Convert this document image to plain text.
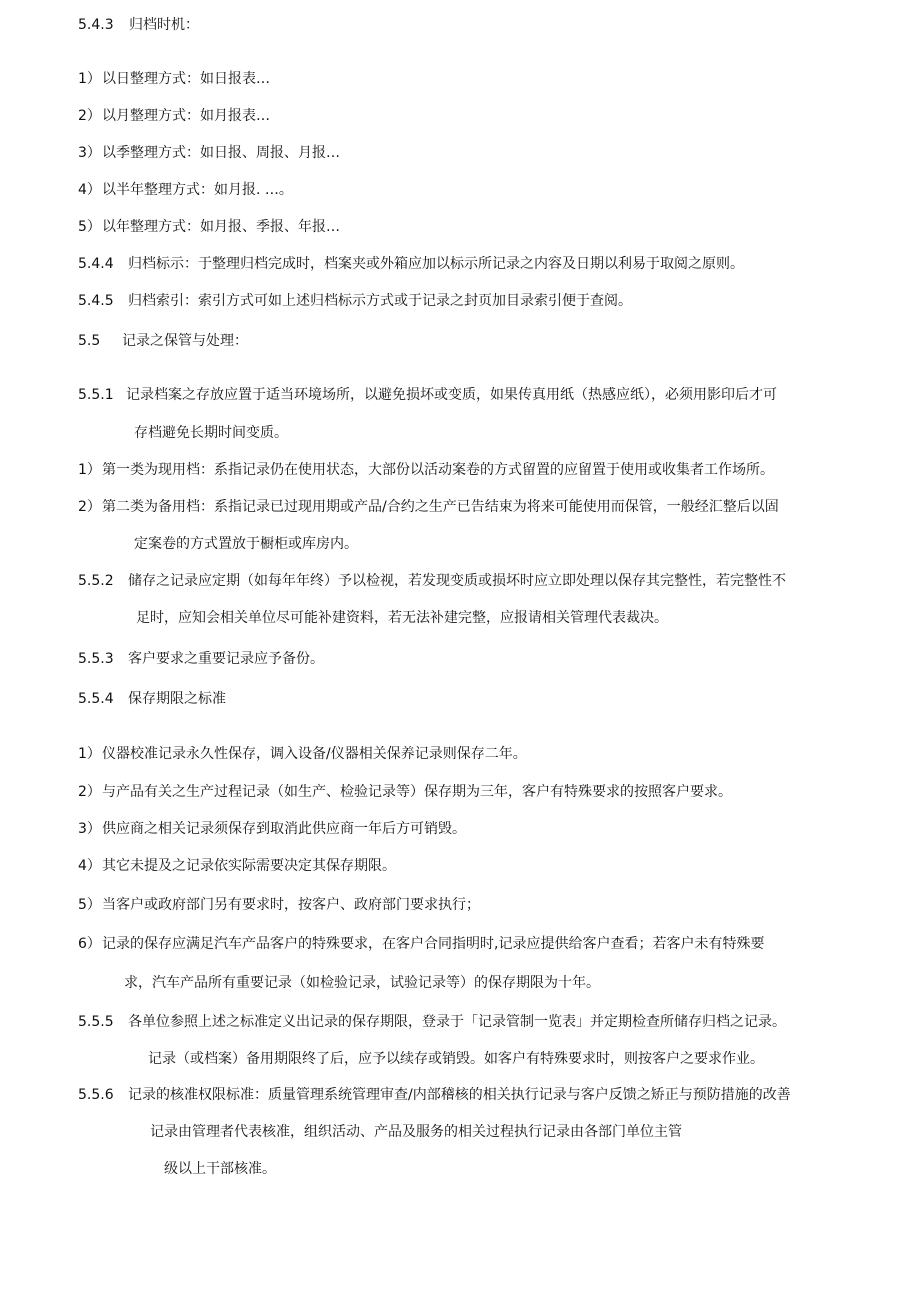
5.4.3 归档时机：
1）以日整理方式：如日报表…
2）以月整理方式：如月报表…
3）以季整理方式：如日报、周报、月报…
4）以半年整理方式：如月报. …。
5）以年整理方式：如月报、季报、年报…
5.4.4 归档标示：于整理归档完成时，档案夹或外箱应加以标示所记录之内容及日期以利易于取阅之原则。
5.4.5 归档索引：索引方式可如上述归档标示方式或于记录之封页加目录索引便于查阅。
5.5 记录之保管与处理：
5.5.1 记录档案之存放应置于适当环境场所，以避免损坏或变质，如果传真用纸（热感应纸），必须用影印后才可
存档避免长期时间变质。
1）第一类为现用档：系指记录仍在使用状态，大部份以活动案卷的方式留置的应留置于使用或收集者工作场所。
2）第二类为备用档：系指记录已过现用期或产品/合约之生产已告结束为将来可能使用而保管，一般经汇整后以固
定案卷的方式置放于橱柜或库房内。
5.5.2 储存之记录应定期（如每年年终）予以检视，若发现变质或损坏时应立即处理以保存其完整性，若完整性不
足时，应知会相关单位尽可能补建资料，若无法补建完整，应报请相关管理代表裁决。
5.5.3 客户要求之重要记录应予备份。
5.5.4 保存期限之标准
1）仪器校准记录永久性保存，调入设备/仪器相关保养记录则保存二年。
2）与产品有关之生产过程记录（如生产、检验记录等）保存期为三年，客户有特殊要求的按照客户要求。
3）供应商之相关记录须保存到取消此供应商一年后方可销毁。
4）其它未提及之记录依实际需要决定其保存期限。
5）当客户或政府部门另有要求时，按客户、政府部门要求执行；
6）记录的保存应满足汽车产品客户的特殊要求，在客户合同指明时,记录应提供给客户查看；若客户未有特殊要
求，汽车产品所有重要记录（如检验记录，试验记录等）的保存期限为十年。
5.5.5 各单位参照上述之标准定义出记录的保存期限，登录于「记录管制一览表」并定期检查所储存归档之记录。
记录（或档案）备用期限终了后，应予以续存或销毁。如客户有特殊要求时，则按客户之要求作业。
5.5.6 记录的核准权限标准：质量管理系统管理审查/内部稽核的相关执行记录与客户反馈之矫正与预防措施的改善
记录由管理者代表核准，组织活动、产品及服务的相关过程执行记录由各部门单位主管
级以上干部核准。
